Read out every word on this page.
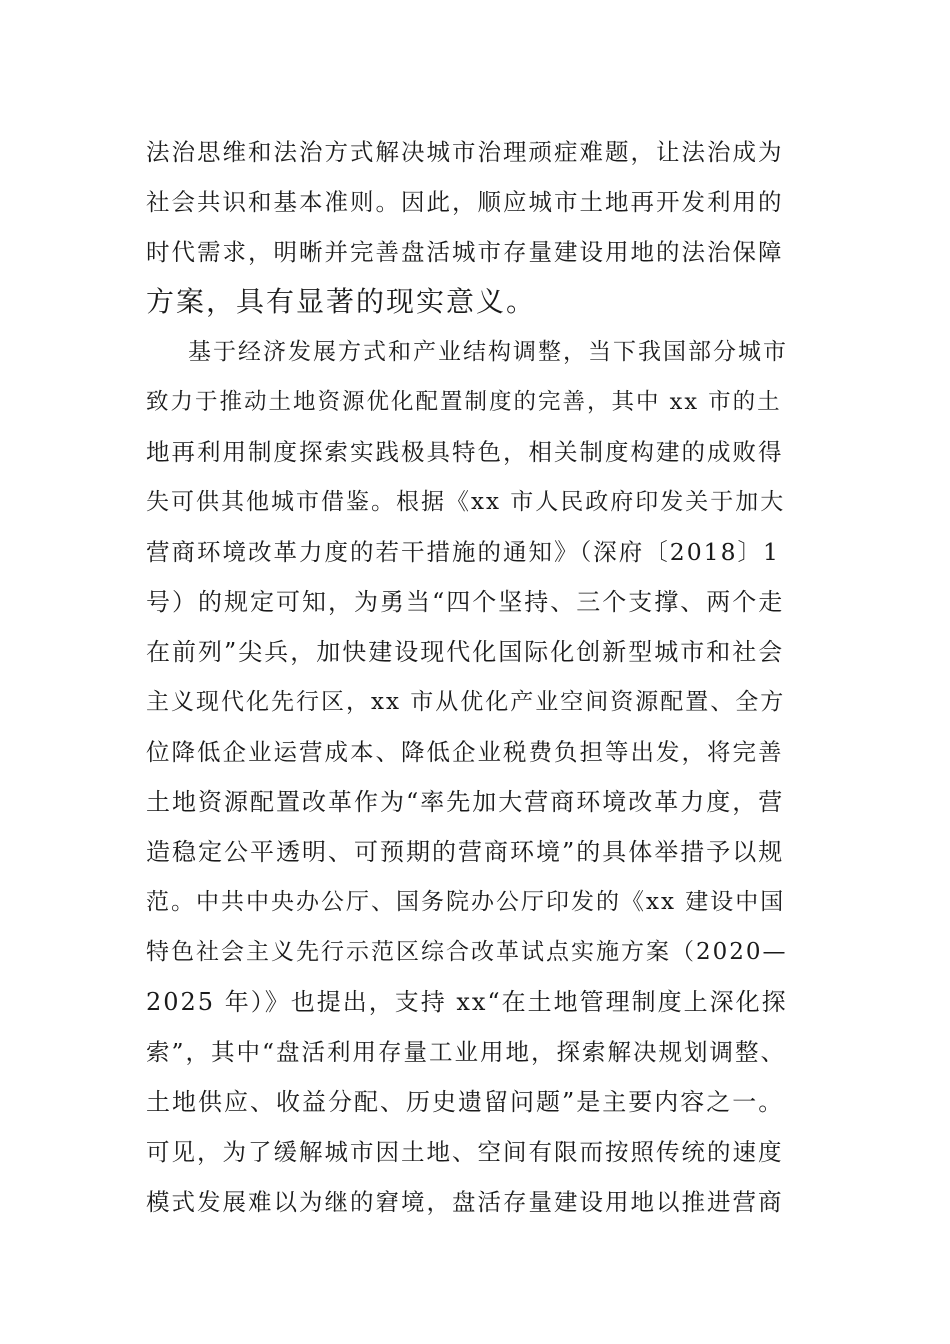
法治思维和法治方式解决城市治理顽症难题，让法治成为
社会共识和基本准则。因此，顺应城市土地再开发利用的
时代需求，明晰并完善盘活城市存量建设用地的法治保障
方案，具有显著的现实意义。
基于经济发展方式和产业结构调整，当下我国部分城市
致力于推动土地资源优化配置制度的完善，其中 xx 市的土
地再利用制度探索实践极具特色，相关制度构建的成败得
失可供其他城市借鉴。根据《xx 市人民政府印发关于加大
营商环境改革力度的若干措施的通知》（深府〔2018〕1
号）的规定可知，为勇当“四个坚持、三个支撑、两个走
在前列”尖兵，加快建设现代化国际化创新型城市和社会
主义现代化先行区，xx 市从优化产业空间资源配置、全方
位降低企业运营成本、降低企业税费负担等出发，将完善
土地资源配置改革作为“率先加大营商环境改革力度，营
造稳定公平透明、可预期的营商环境”的具体举措予以规
范。中共中央办公厅、国务院办公厅印发的《xx 建设中国
特色社会主义先行示范区综合改革试点实施方案（2020—
2025 年）》也提出，支持 xx“在土地管理制度上深化探
索”，其中“盘活利用存量工业用地，探索解决规划调整、
土地供应、收益分配、历史遗留问题”是主要内容之一。
可见，为了缓解城市因土地、空间有限而按照传统的速度
模式发展难以为继的窘境，盘活存量建设用地以推进营商
